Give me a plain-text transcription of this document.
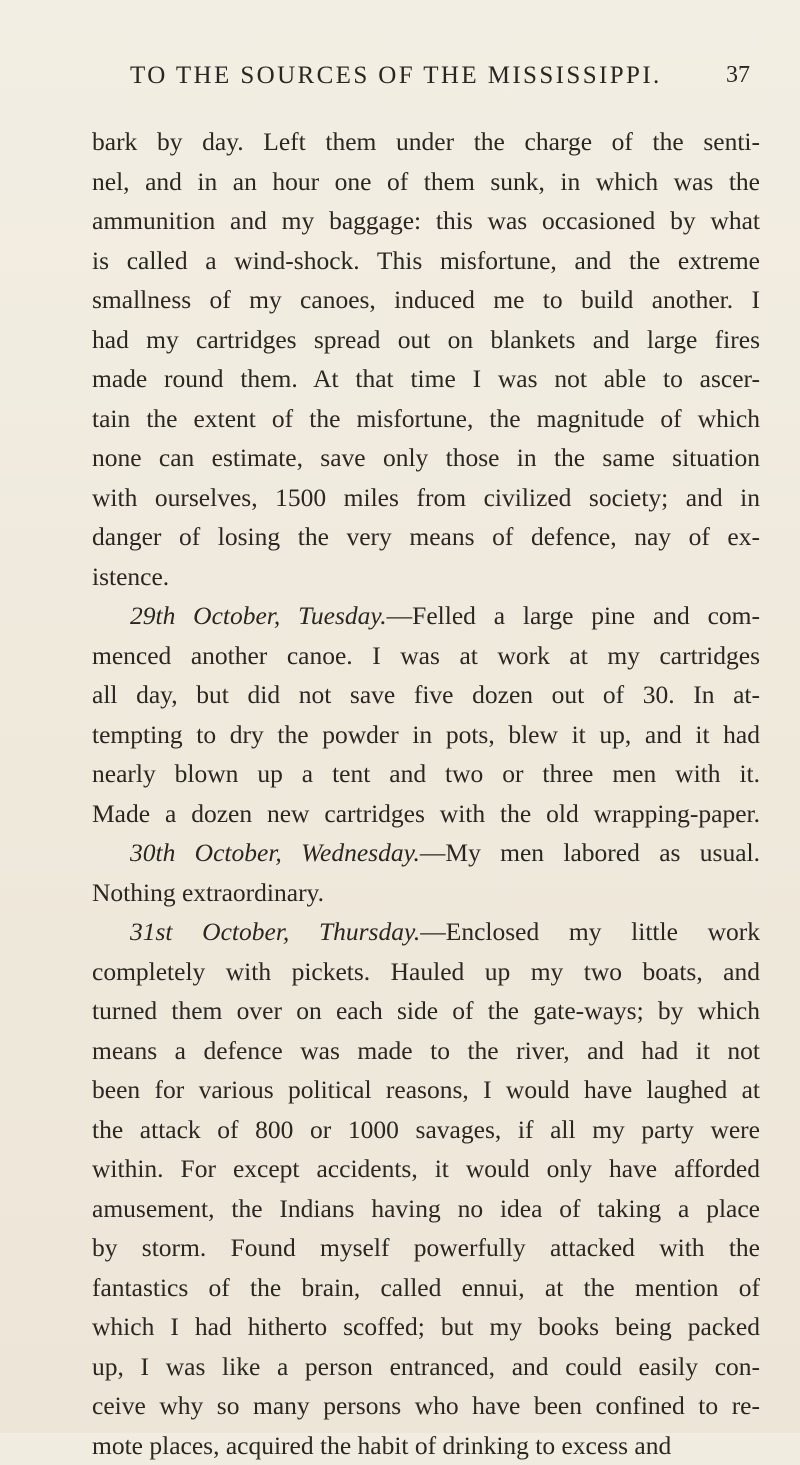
TO THE SOURCES OF THE MISSISSIPPI.	37
bark by day. Left them under the charge of the senti-
nel, and in an hour one of them sunk, in which was the
ammunition and my baggage: this was occasioned by what
is called a wind-shock. This misfortune, and the extreme
smallness of my canoes, induced me to build another. I
had my cartridges spread out on blankets and large fires
made round them. At that time I was not able to ascer-
tain the extent of the misfortune, the magnitude of which
none can estimate, save only those in the same situation
with ourselves, 1500 miles from civilized society; and in
danger of losing the very means of defence, nay of ex-
istence.
29th October, Tuesday.—Felled a large pine and com-
menced another canoe. I was at work at my cartridges
all day, but did not save five dozen out of 30. In at-
tempting to dry the powder in pots, blew it up, and it had
nearly blown up a tent and two or three men with it.
Made a dozen new cartridges with the old wrapping-paper.
30th October, Wednesday.—My men labored as usual.
Nothing extraordinary.
31st October, Thursday.—Enclosed my little work
completely with pickets. Hauled up my two boats, and
turned them over on each side of the gate-ways; by which
means a defence was made to the river, and had it not
been for various political reasons, I would have laughed at
the attack of 800 or 1000 savages, if all my party were
within. For except accidents, it would only have afforded
amusement, the Indians having no idea of taking a place
by storm. Found myself powerfully attacked with the
fantastics of the brain, called ennui, at the mention of
which I had hitherto scoffed; but my books being packed
up, I was like a person entranced, and could easily con-
ceive why so many persons who have been confined to re-
mote places, acquired the habit of drinking to excess and
